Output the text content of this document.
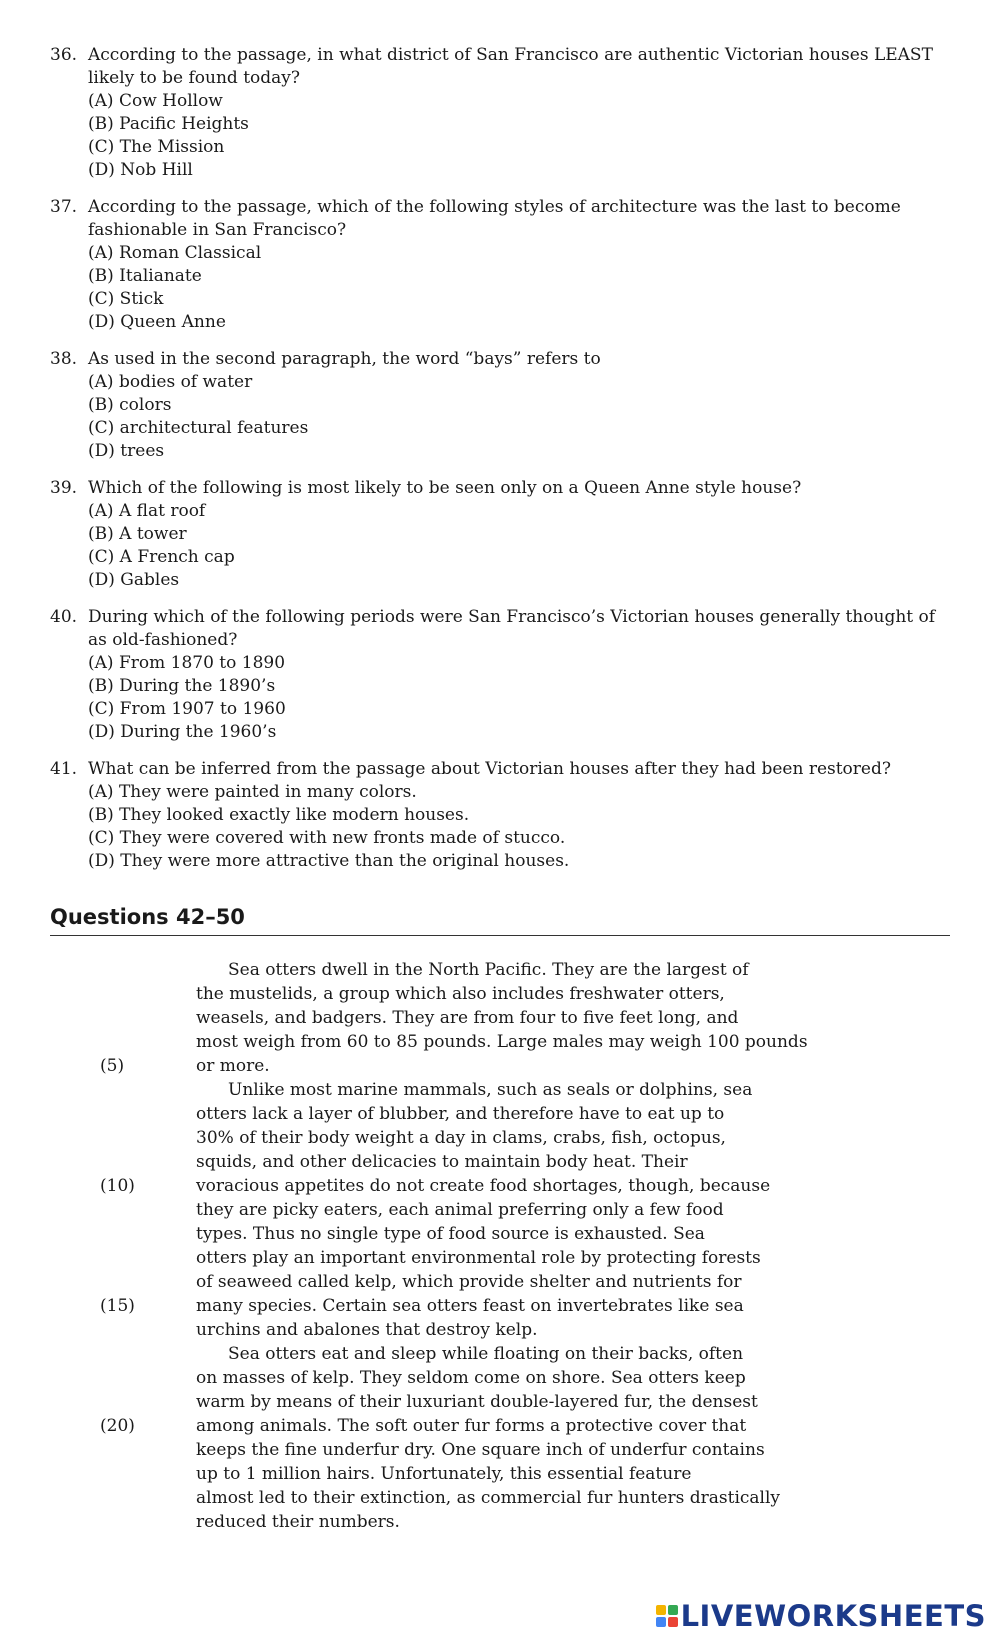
36. According to the passage, in what district of San Francisco are authentic Victorian houses LEAST likely to be found today?
(A) Cow Hollow
(B) Pacific Heights
(C) The Mission
(D) Nob Hill
37. According to the passage, which of the following styles of architecture was the last to become fashionable in San Francisco?
(A) Roman Classical
(B) Italianate
(C) Stick
(D) Queen Anne
38. As used in the second paragraph, the word “bays” refers to
(A) bodies of water
(B) colors
(C) architectural features
(D) trees
39. Which of the following is most likely to be seen only on a Queen Anne style house?
(A) A flat roof
(B) A tower
(C) A French cap
(D) Gables
40. During which of the following periods were San Francisco’s Victorian houses generally thought of as old-fashioned?
(A) From 1870 to 1890
(B) During the 1890’s
(C) From 1907 to 1960
(D) During the 1960’s
41. What can be inferred from the passage about Victorian houses after they had been restored?
(A) They were painted in many colors.
(B) They looked exactly like modern houses.
(C) They were covered with new fronts made of stucco.
(D) They were more attractive than the original houses.
Questions 42–50
Sea otters dwell in the North Pacific. They are the largest of
the mustelids, a group which also includes freshwater otters,
weasels, and badgers. They are from four to five feet long, and
most weigh from 60 to 85 pounds. Large males may weigh 100 pounds
(5)	or more.
Unlike most marine mammals, such as seals or dolphins, sea
otters lack a layer of blubber, and therefore have to eat up to
30% of their body weight a day in clams, crabs, fish, octopus,
squids, and other delicacies to maintain body heat. Their
(10)	voracious appetites do not create food shortages, though, because
they are picky eaters, each animal preferring only a few food
types. Thus no single type of food source is exhausted. Sea
otters play an important environmental role by protecting forests
of seaweed called kelp, which provide shelter and nutrients for
(15)	many species. Certain sea otters feast on invertebrates like sea
urchins and abalones that destroy kelp.
Sea otters eat and sleep while floating on their backs, often
on masses of kelp. They seldom come on shore. Sea otters keep
warm by means of their luxuriant double-layered fur, the densest
(20)	among animals. The soft outer fur forms a protective cover that
keeps the fine underfur dry. One square inch of underfur contains
up to 1 million hairs. Unfortunately, this essential feature
almost led to their extinction, as commercial fur hunters drastically
reduced their numbers.
LIVEWORKSHEETS
